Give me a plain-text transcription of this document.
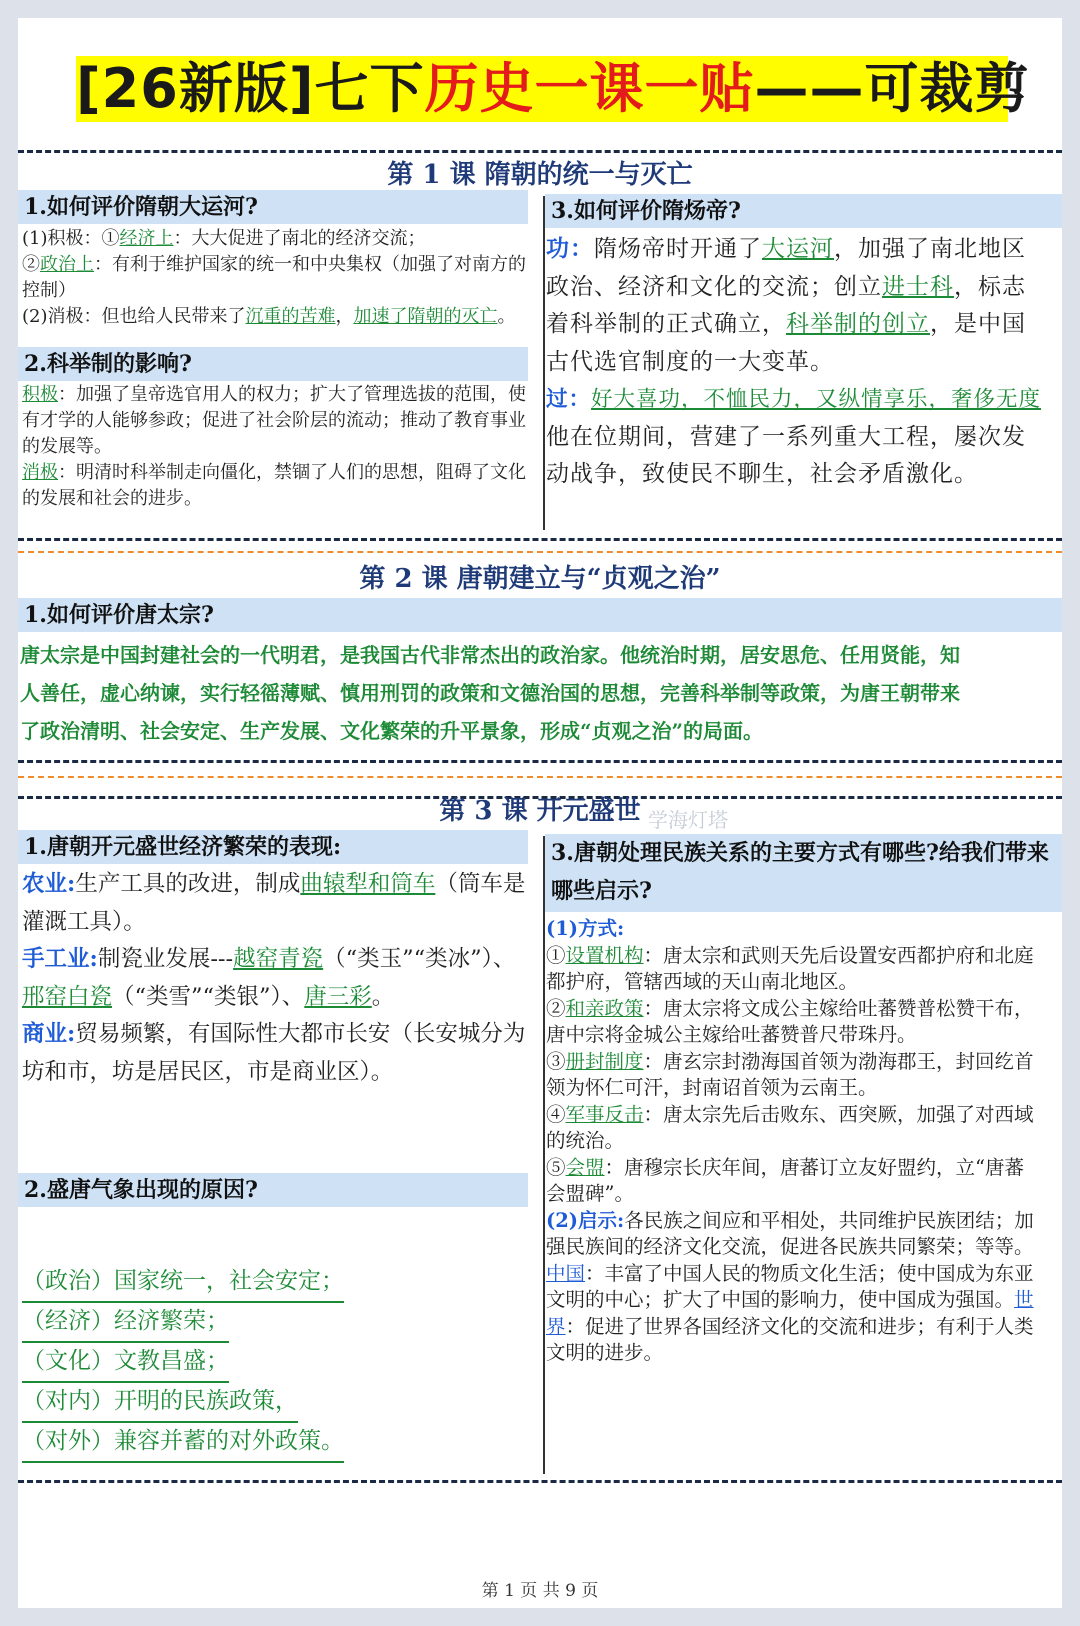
[26新版]七下历史一课一贴——可裁剪
第 1 课 隋朝的统一与灭亡
1.如何评价隋朝大运河?
(1)积极：①经济上：大大促进了南北的经济交流；
②政治上：有利于维护国家的统一和中央集权（加强了对南方的控制）
(2)消极：但也给人民带来了沉重的苦难，加速了隋朝的灭亡。
2.科举制的影响?
积极：加强了皇帝选官用人的权力；扩大了管理选拔的范围，使有才学的人能够参政；促进了社会阶层的流动；推动了教育事业的发展等。
消极：明清时科举制走向僵化，禁锢了人们的思想，阻碍了文化的发展和社会的进步。
3.如何评价隋炀帝?
功：隋炀帝时开通了大运河，加强了南北地区政治、经济和文化的交流；创立进士科，标志着科举制的正式确立，科举制的创立，是中国古代选官制度的一大变革。
过：好大喜功，不恤民力，又纵情享乐，奢侈无度
他在位期间，营建了一系列重大工程，屡次发动战争，致使民不聊生，社会矛盾激化。
第 2 课 唐朝建立与“贞观之治”
1.如何评价唐太宗?
唐太宗是中国封建社会的一代明君，是我国古代非常杰出的政治家。他统治时期，居安思危、任用贤能，知
人善任，虚心纳谏，实行轻徭薄赋、慎用刑罚的政策和文德治国的思想，完善科举制等政策，为唐王朝带来
了政治清明、社会安定、生产发展、文化繁荣的升平景象，形成“贞观之治”的局面。
第 3 课 开元盛世 学海灯塔
1.唐朝开元盛世经济繁荣的表现:
农业:生产工具的改进，制成曲辕犁和筒车（筒车是灌溉工具）。
手工业:制瓷业发展---越窑青瓷（“类玉”“类冰”）、邢窑白瓷（“类雪”“类银”）、唐三彩。
商业:贸易频繁，有国际性大都市长安（长安城分为坊和市，坊是居民区，市是商业区）。
2.盛唐气象出现的原因?
（政治）国家统一，社会安定；
（经济）经济繁荣；
（文化）文教昌盛；
（对内）开明的民族政策，
（对外）兼容并蓄的对外政策。
3.唐朝处理民族关系的主要方式有哪些?给我们带来哪些启示?
(1)方式:
①设置机构：唐太宗和武则天先后设置安西都护府和北庭都护府，管辖西域的天山南北地区。
②和亲政策：唐太宗将文成公主嫁给吐蕃赞普松赞干布，唐中宗将金城公主嫁给吐蕃赞普尺带珠丹。
③册封制度：唐玄宗封渤海国首领为渤海郡王，封回纥首领为怀仁可汗，封南诏首领为云南王。
④军事反击：唐太宗先后击败东、西突厥，加强了对西域的统治。
⑤会盟：唐穆宗长庆年间，唐蕃订立友好盟约，立“唐蕃会盟碑”。
(2)启示:各民族之间应和平相处，共同维护民族团结；加强民族间的经济文化交流，促进各民族共同繁荣；等等。
中国：丰富了中国人民的物质文化生活；使中国成为东亚文明的中心；扩大了中国的影响力，使中国成为强国。世界：促进了世界各国经济文化的交流和进步；有利于人类文明的进步。
第 1 页 共 9 页
